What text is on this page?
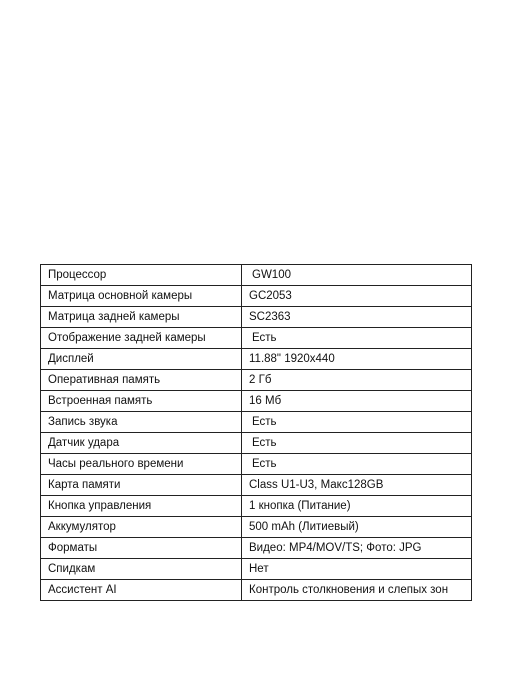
Процессор	GW100
Матрица основной камеры	GC2053
Матрица задней камеры	SC2363
Отображение задней камеры	Есть
Дисплей	11.88" 1920x440
Оперативная память	2 Гб
Встроенная память	16 Мб
Запись звука	Есть
Датчик удара	Есть
Часы реального времени	Есть
Карта памяти	Class U1-U3, Макс128GB
Кнопка управления	1 кнопка (Питание)
Аккумулятор	500 mAh (Литиевый)
Форматы	Видео: MP4/MOV/TS; Фото: JPG
Спидкам	Нет
Ассистент AI	Контроль столкновения и слепых зон
